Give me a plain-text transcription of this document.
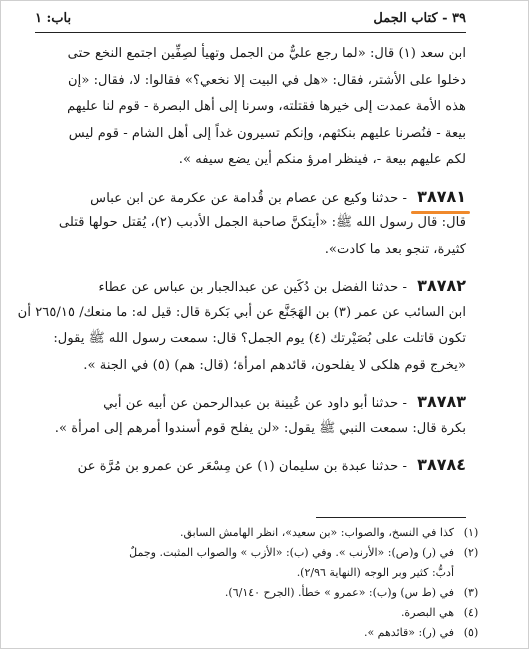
باب: ١	٣٩ - كتاب الجمل
ابن سعد (١) قال: «لما رجع عليٌّ من الجمل وتهيأ لصِفِّين اجتمع النخع حتى
دخلوا على الأشتر، فقال: «هل في البيت إلا نخعي؟» فقالوا: لا، فقال: «إن
هذه الأمة عمدت إلى خيرها فقتلته، وسرنا إلى أهل البصرة - قوم لنا عليهم
بيعة - فنُصرنا عليهم بنكثهم، وإنكم تسيرون غداً إلى أهل الشام - قوم ليس
لكم عليهم بيعة -، فينظر امرؤ منكم أين يضع سيفه ».
٣٨٧٨١
- حدثنا وكيع عن عصام بن قُدامة عن عكرمة عن ابن عباس
قال: قال رسول الله ﷺ: «أيتكنَّ صاحبة الجمل الأدبب (٢)، يُقتل حولها قتلى
كثيرة، تنجو بعد ما كادت».
٣٨٧٨٢ - حدثنا الفضل بن دُكَين عن عبدالجبار بن عباس عن عطاء
ابن السائب عن عمر (٣) بن الهَجَنَّع عن أبي بَكرة قال: قيل له: ما منعك/ ٢٦٥/١٥ أن
تكون قاتلت على بُصَيْرتك (٤) يوم الجمل؟ قال: سمعت رسول الله ﷺ يقول:
«يخرج قوم هلكى لا يفلحون، قائدهم امرأة؛ (قال: هم) (٥) في الجنة ».
٣٨٧٨٣ - حدثنا أبو داود عن عُيينة بن عبدالرحمن عن أبيه عن أبي
بكرة قال: سمعت النبي ﷺ يقول: «لن يفلح قوم أسندوا أمرهم إلى امرأة ».
٣٨٧٨٤ - حدثنا عبدة بن سليمان (١) عن مِسْعَر عن عمرو بن مُرَّة عن
(١)
كذا في النسخ، والصواب: «بن سعيد»، انظر الهامش السابق.
(٢)
في (ر) و(ص): «الأرنب ». وفي (ب): «الأزب » والصواب المثبت. وجملٌ
أدبُّ: كثير وبر الوجه (النهاية ٢/٩٦).
(٣)
في (ط س) و(ب): «عمرو » خطأ. (الجرح ٦/١٤٠).
(٤)
هي البصرة.
(٥)
في (ر): «قائدهم ».
